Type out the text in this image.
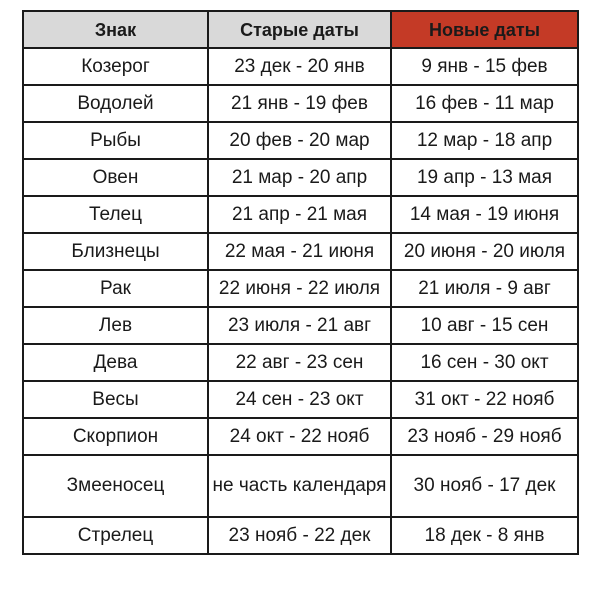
Знак	Старые даты	Новые даты
Козерог	23 дек - 20 янв	9 янв - 15 фев
Водолей	21 янв - 19 фев	16 фев - 11 мар
Рыбы	20 фев - 20 мар	12 мар - 18 апр
Овен	21 мар - 20 апр	19 апр - 13 мая
Телец	21 апр - 21 мая	14 мая - 19 июня
Близнецы	22 мая - 21 июня	20 июня - 20 июля
Рак	22 июня - 22 июля	21 июля - 9 авг
Лев	23 июля - 21 авг	10 авг - 15 сен
Дева	22 авг - 23 сен	16 сен - 30 окт
Весы	24 сен - 23 окт	31 окт - 22 нояб
Скорпион	24 окт - 22 нояб	23 нояб - 29 нояб
Змееносец	не часть календаря	30 нояб - 17 дек
Стрелец	23 нояб - 22 дек	18 дек - 8 янв
